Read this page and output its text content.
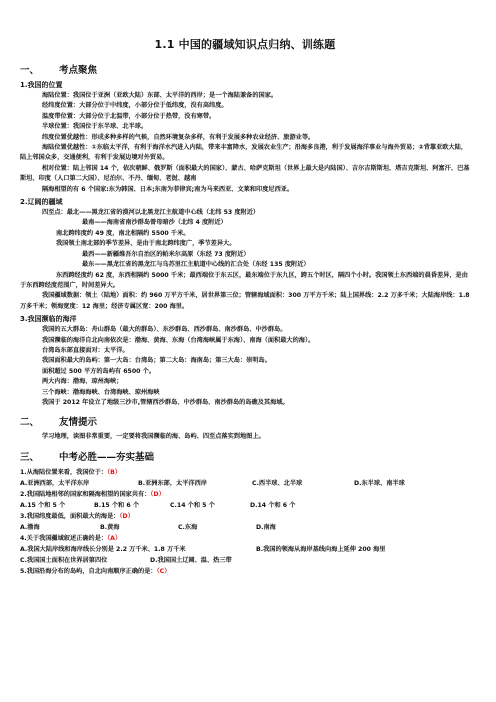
1.1 中国的疆域知识点归纳、训练题
一、 考点聚焦
1.我国的位置

海陆位置：我国位于亚洲（亚欧大陆）东部、太平洋的西岸；是一个海陆兼备的国家。

经纬度位置：大部分位于中纬度，小部分位于低纬度，没有高纬度。

温度带位置：大部分位于北温带，小部分位于热带，没有寒带。

半球位置：我国位于东半球、北半球。

纬度位置优越性：形成多种多样的气候，自然环境复杂多样，有利于发展多种农业经济、旅游业等。

海陆位置优越性：①东临太平洋，有利于海洋水汽进入内陆，带来丰富降水，发展农业生产；沿海多良港，利于发展海洋事业与海外贸易；②背靠亚欧大陆，陆上邻国众多，交通便利，有利于发展边境对外贸易。

相对位置：陆上邻国 14 个，依次朝鲜、俄罗斯（面积最大的国家）、蒙古、哈萨克斯坦（世界上最大是内陆国）、吉尔吉斯斯坦、塔吉克斯坦、阿富汗、巴基斯坦、印度（人口第二大国）、尼泊尔、不丹、缅甸、老挝、越南

隔海相望的有 6 个国家:东为韩国、日本;东南为菲律宾;南为马来西亚、文莱和印度尼西亚。

2.辽阔的疆域

四至点：最北——黑龙江省的漠河以北黑龙江主航道中心线（北纬 53 度附近）

最南——海南省南沙群岛曾母暗沙（北纬 4 度附近）

南北跨纬度约 49 度，南北相隔约 5500 千米。

我国领土南北部的季节差异，是由于南北跨纬度广，季节差异大。

最西——新疆维吾尔自治区的帕米尔高原（东经 73 度附近）

最东——黑龙江省的黑龙江与乌苏里江主航道中心线的汇合处（东经 135 度附近）

东西跨经度约 62 度，东西相隔约 5000 千米；最西端位于东五区，最东端位于东九区，跨五个时区，隔四个小时。我国领土东西端的晨昏差异，是由于东西跨经度范围广，时间差异大。

我国疆域数据：领土（陆地）面积：约 960 万平方千米，居世界第三位；管辖海域面积：300 万平方千米；陆上国界线：2.2 万多千米；大陆海岸线：1.8 万多千米；领海宽度：12 海里；经济专属区宽：200 海里。

3.我国濒临的海洋

我国的五大群岛：舟山群岛（最大的群岛）、东沙群岛、西沙群岛、南沙群岛、中沙群岛。

我国濒临的海洋自北向南依次是：渤海、黄海、东海（台湾海峡属于东海）、南海（面积最大的海）。

台湾岛东部直接面对：太平洋。

我国面积最大的岛屿：第一大岛：台湾岛；第二大岛：海南岛；第三大岛：崇明岛。

面积超过 500 平方的岛屿有 6500 个。

两大内海：渤海、琼州海峡；

三个海峡：渤海海峡、台湾海峡、琼州海峡

我国于 2012 年设立了地级三沙市,管辖西沙群岛、中沙群岛、南沙群岛的岛礁及其海域。

二、 友情提示

学习地理，读图非常重要，一定要将我国濒临的海、岛屿、四至点落实到地图上。

三、 中考必胜——夯实基础

1.从海陆位置来看，我国位于：（B）

A.亚洲西部，太平洋东岸	B.亚洲东部，太平洋西岸	C.西半球、北半球	D.东半球、南半球

2.我国陆地相邻的国家和隔海相望的国家共有：（D）

A.15 个和 5 个	B.15 个和 6 个	C.14 个和 5 个	D.14 个和 6 个

3.我国纬度最低，面积最大的海是：（D）

A.渤海	B.黄海	C.东海	D.南海

4.关于我国疆域叙述正确的是：（A）

A.我国大陆岸线和海岸线长分别是 2.2 万千米、1.8 万千米	B.我国的领海从海岸基线向海上延伸 200 海里
C.我国国土面积在世界居第四位	D.我国国土辽阔、温、热三带

5.我国沿海分布的岛屿，自北向南顺序正确的是：（C）
